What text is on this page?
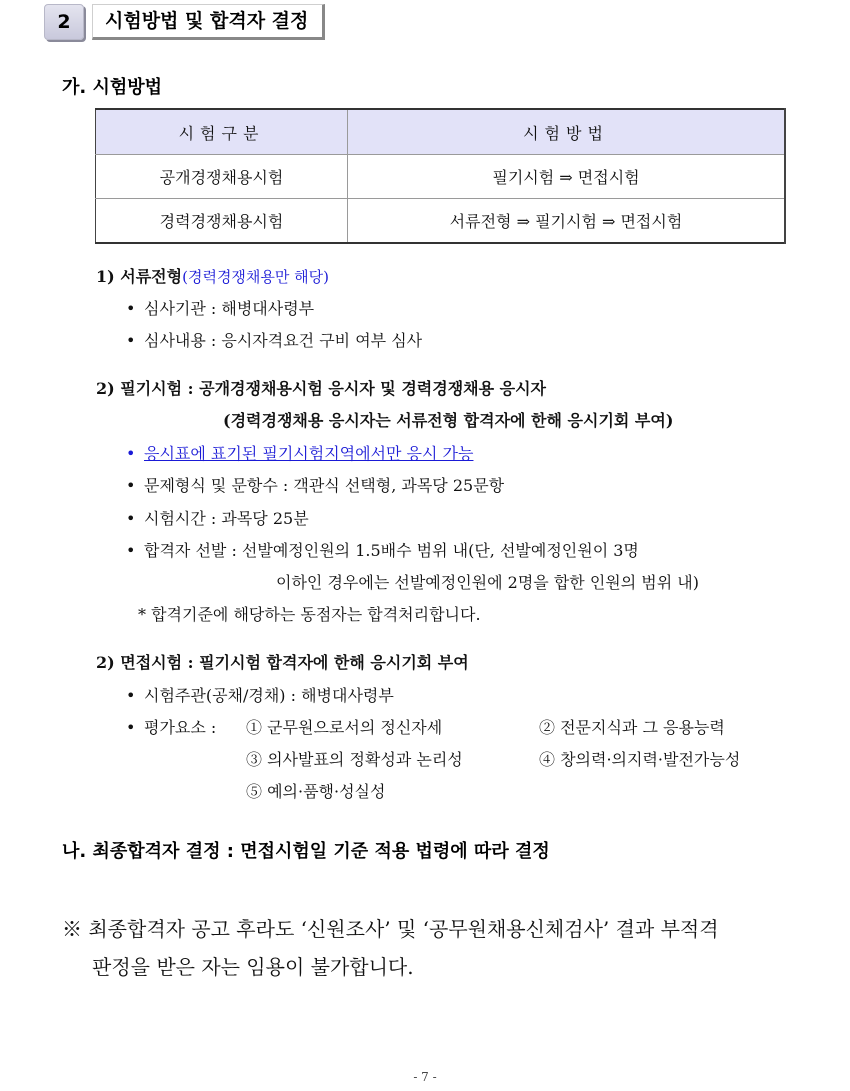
2	시험방법 및 합격자 결정
가. 시험방법
시험구분	시험방법
공개경쟁채용시험	필기시험 ⇒ 면접시험
경력경쟁채용시험	서류전형 ⇒ 필기시험 ⇒ 면접시험
1) 서류전형(경력경쟁채용만 해당)
• 심사기관 : 해병대사령부
• 심사내용 : 응시자격요건 구비 여부 심사
2) 필기시험 : 공개경쟁채용시험 응시자 및 경력경쟁채용 응시자
(경력경쟁채용 응시자는 서류전형 합격자에 한해 응시기회 부여)
• 응시표에 표기된 필기시험지역에서만 응시 가능
• 문제형식 및 문항수 : 객관식 선택형, 과목당 25문항
• 시험시간 : 과목당 25분
• 합격자 선발 : 선발예정인원의 1.5배수 범위 내(단, 선발예정인원이 3명
이하인 경우에는 선발예정인원에 2명을 합한 인원의 범위 내)
* 합격기준에 해당하는 동점자는 합격처리합니다.
2) 면접시험 : 필기시험 합격자에 한해 응시기회 부여
• 시험주관(공채/경채) : 해병대사령부
• 평가요소 : ① 군무원으로서의 정신자세	② 전문지식과 그 응용능력
③ 의사발표의 정확성과 논리성	④ 창의력·의지력·발전가능성
⑤ 예의·품행·성실성
나. 최종합격자 결정 : 면접시험일 기준 적용 법령에 따라 결정
※ 최종합격자 공고 후라도 ‘신원조사’ 및 ‘공무원채용신체검사’ 결과 부적격
판정을 받은 자는 임용이 불가합니다.
- 7 -
